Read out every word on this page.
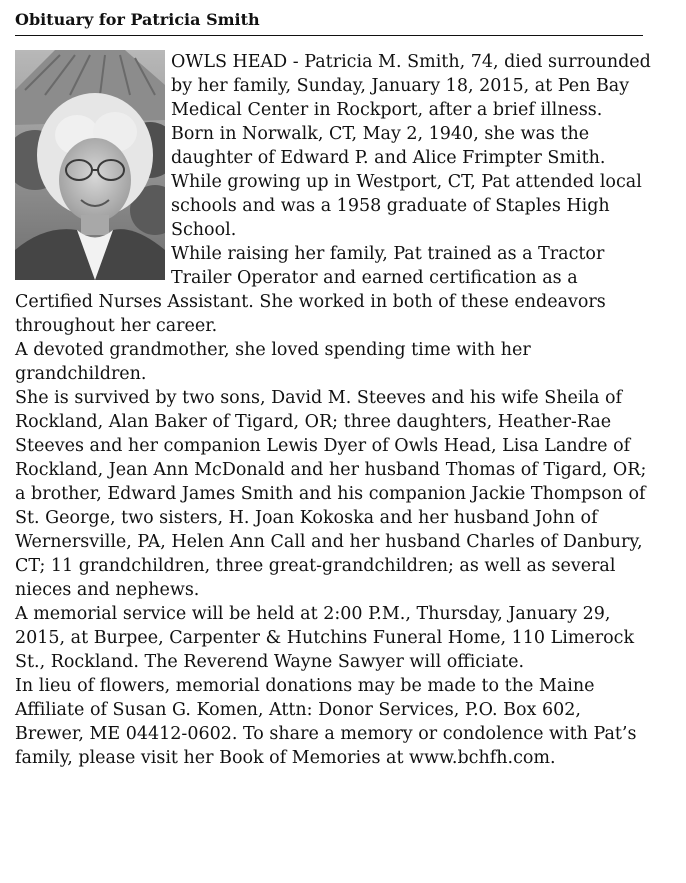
Obituary for Patricia Smith

OWLS HEAD - Patricia M. Smith, 74, died surrounded by her family, Sunday, January 18, 2015, at Pen Bay Medical Center in Rockport, after a brief illness.

Born in Norwalk, CT, May 2, 1940, she was the daughter of Edward P. and Alice Frimpter Smith. While growing up in Westport, CT, Pat attended local schools and was a 1958 graduate of Staples High School.

While raising her family, Pat trained as a Tractor Trailer Operator and earned certification as a Certified Nurses Assistant. She worked in both of these endeavors throughout her career.

A devoted grandmother, she loved spending time with her grandchildren.

She is survived by two sons, David M. Steeves and his wife Sheila of Rockland, Alan Baker of Tigard, OR; three daughters, Heather-Rae Steeves and her companion Lewis Dyer of Owls Head, Lisa Landre of Rockland, Jean Ann McDonald and her husband Thomas of Tigard, OR; a brother, Edward James Smith and his companion Jackie Thompson of St. George, two sisters, H. Joan Kokoska and her husband John of Wernersville, PA, Helen Ann Call and her husband Charles of Danbury, CT; 11 grandchildren, three great-grandchildren; as well as several nieces and nephews.

A memorial service will be held at 2:00 P.M., Thursday, January 29, 2015, at Burpee, Carpenter & Hutchins Funeral Home, 110 Limerock St., Rockland. The Reverend Wayne Sawyer will officiate.

In lieu of flowers, memorial donations may be made to the Maine Affiliate of Susan G. Komen, Attn: Donor Services, P.O. Box 602, Brewer, ME 04412-0602. To share a memory or condolence with Pat’s family, please visit her Book of Memories at www.bchfh.com.
